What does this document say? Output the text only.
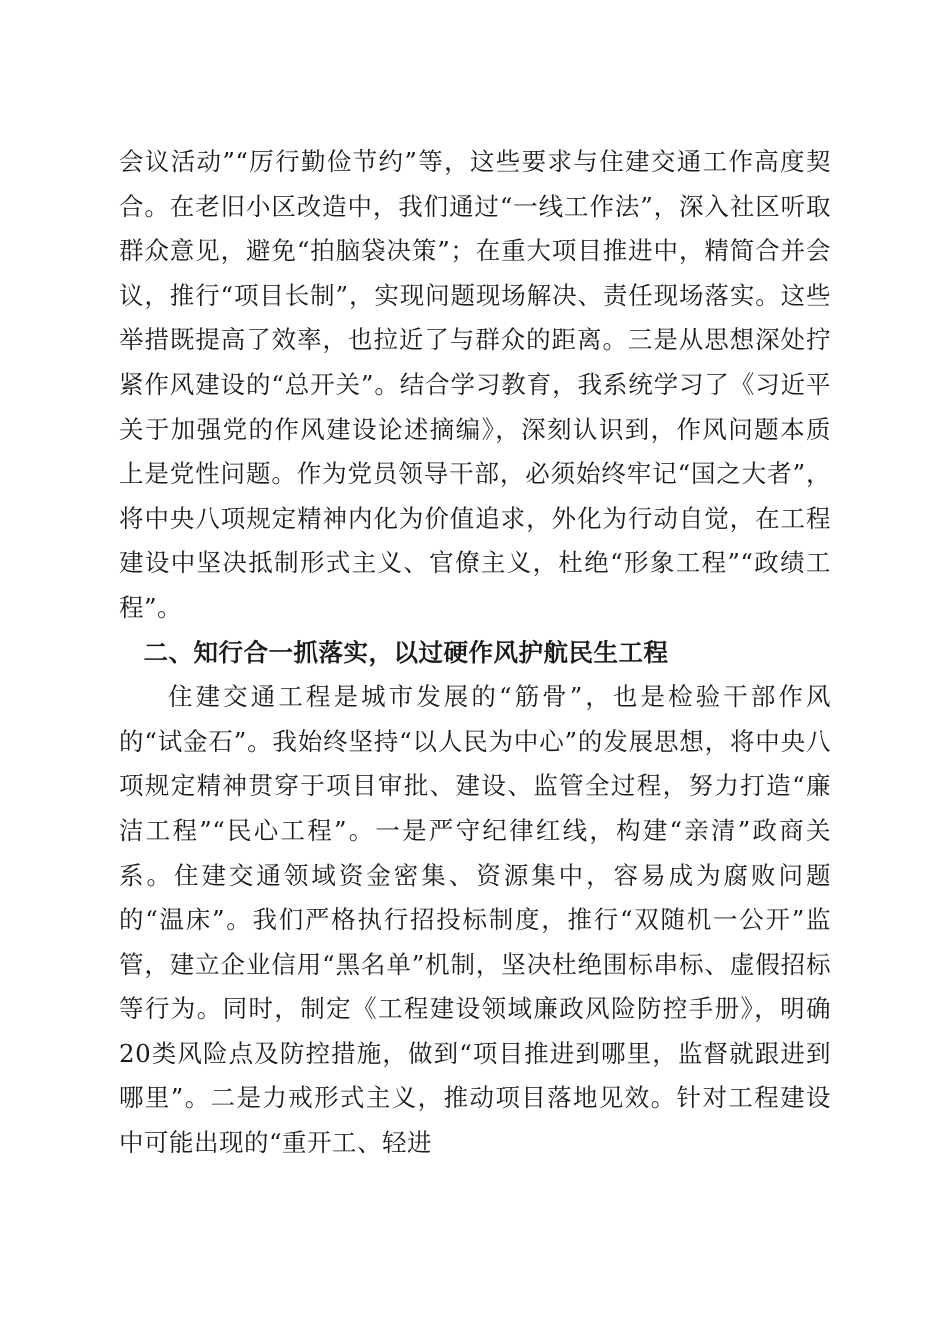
会议活动”“厉行勤俭节约”等，这些要求与住建交通工作高度契合。在老旧小区改造中，我们通过“一线工作法”，深入社区听取群众意见，避免“拍脑袋决策”；在重大项目推进中，精简合并会议，推行“项目长制”，实现问题现场解决、责任现场落实。这些举措既提高了效率，也拉近了与群众的距离。三是从思想深处拧紧作风建设的“总开关”。结合学习教育，我系统学习了《习近平关于加强党的作风建设论述摘编》，深刻认识到，作风问题本质上是党性问题。作为党员领导干部，必须始终牢记“国之大者”，将中央八项规定精神内化为价值追求，外化为行动自觉，在工程建设中坚决抵制形式主义、官僚主义，杜绝“形象工程”“政绩工程”。

二、知行合一抓落实，以过硬作风护航民生工程

住建交通工程是城市发展的“筋骨”，也是检验干部作风的“试金石”。我始终坚持“以人民为中心”的发展思想，将中央八项规定精神贯穿于项目审批、建设、监管全过程，努力打造“廉洁工程”“民心工程”。一是严守纪律红线，构建“亲清”政商关系。住建交通领域资金密集、资源集中，容易成为腐败问题的“温床”。我们严格执行招投标制度，推行“双随机一公开”监管，建立企业信用“黑名单”机制，坚决杜绝围标串标、虚假招标等行为。同时，制定《工程建设领域廉政风险防控手册》，明确20类风险点及防控措施，做到“项目推进到哪里，监督就跟进到哪里”。二是力戒形式主义，推动项目落地见效。针对工程建设中可能出现的“重开工、轻进
